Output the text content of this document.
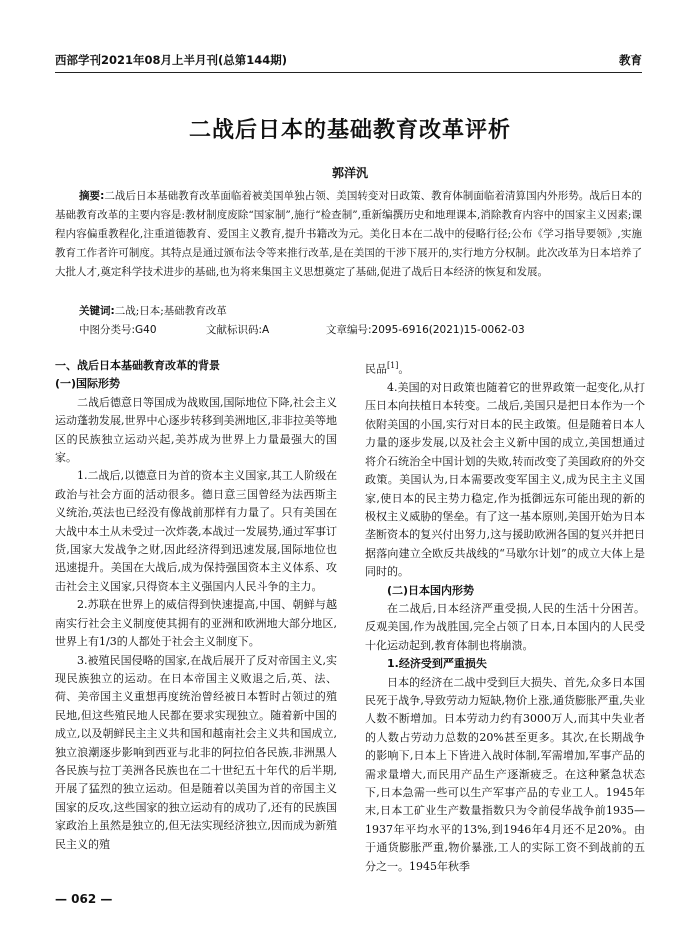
西部学刊2021年08月上半月刊(总第144期)	教育
二战后日本的基础教育改革评析
郭洋汎
摘要:二战后日本基础教育改革面临着被美国单独占领、美国转变对日政策、教育体制面临着清算国内外形势。战后日本的基础教育改革的主要内容是:教材制度废除“国家制”,施行“检查制”,重新编撰历史和地理课本,消除教育内容中的国家主义因素;课程内容偏重教程化,注重道德教育、爱国主义教育,提升书籍改为元。美化日本在二战中的侵略行径;公布《学习指导要领》,实施教育工作者许可制度。其特点是通过颁布法令等来推行改革,是在美国的干涉下展开的,实行地方分权制。此次改革为日本培养了大批人才,奠定科学技术进步的基础,也为将来集国主义思想奠定了基础,促进了战后日本经济的恢复和发展。
关键词:二战;日本;基础教育改革
中图分类号:G40	文献标识码:A	文章编号:2095-6916(2021)15-0062-03
一、战后日本基础教育改革的背景
(一)国际形势

二战后德意日等国成为战败国,国际地位下降,社会主义运动蓬勃发展,世界中心逐步转移到美洲地区,非非拉美等地区的民族独立运动兴起,美苏成为世界上力量最强大的国家。

1.二战后,以德意日为首的资本主义国家,其工人阶级在政治与社会方面的活动很多。德日意三国曾经为法西斯主义统治,英法也已经没有像战前那样有力量了。只有美国在大战中本土从未受过一次炸袭,本战过一发展势,通过军事订货,国家大发战争之财,因此经济得到迅速发展,国际地位也迅速提升。美国在大战后,成为保持强国资本主义体系、攻击社会主义国家,只得资本主义强国内人民斗争的主力。

2.苏联在世界上的威信得到快速提高,中国、朝鲜与越南实行社会主义制度使其拥有的亚洲和欧洲地大部分地区,世界上有1/3的人都处于社会主义制度下。

3.被殖民国侵略的国家,在战后展开了反对帝国主义,实现民族独立的运动。在日本帝国主义败退之后,英、法、荷、美帝国主义重想再度统治曾经被日本暂时占领过的殖民地,但这些殖民地人民都在要求实现独立。随着新中国的成立,以及朝鲜民主主义共和国和越南社会主义共和国成立,独立浪潮逐步影响到西亚与北非的阿拉伯各民族,非洲黑人各民族与拉丁美洲各民族也在二十世纪五十年代的后半期,开展了猛烈的独立运动。但是随着以美国为首的帝国主义国家的反攻,这些国家的独立运动有的成功了,还有的民族国家政治上虽然是独立的,但无法实现经济独立,因而成为新殖民主义的殖

民品[1]。

4.美国的对日政策也随着它的世界政策一起变化,从打压日本向扶植日本转变。二战后,美国只是把日本作为一个依附美国的小国,实行对日本的民主政策。但是随着日本人力量的逐步发展,以及社会主义新中国的成立,美国想通过将介石统治全中国计划的失败,转而改变了美国政府的外交政策。美国认为,日本需要改变军国主义,成为民主主义国家,使日本的民主势力稳定,作为抵御远东可能出现的新的极权主义威胁的堡垒。有了这一基本原则,美国开始为日本垄断资本的复兴付出努力,这与援助欧洲各国的复兴并把日据落向建立全欧反共战线的“马歇尔计划”的成立大体上是同时的。

(二)日本国内形势

在二战后,日本经济严重受损,人民的生活十分困苦。反观美国,作为战胜国,完全占领了日本,日本国内的人民受十化运动起到,教育体制也将崩溃。

1.经济受到严重损失

日本的经济在二战中受到巨大损失、首先,众多日本国民死于战争,导致劳动力短缺,物价上涨,通货膨胀严重,失业人数不断增加。日本劳动力约有3000万人,而其中失业者的人数占劳动力总数的20%甚至更多。其次,在长期战争的影响下,日本上下皆进入战时体制,军需增加,军事产品的需求量增大,而民用产品生产逐渐疲乏。在这种紧急状态下,日本急需一些可以生产军事产品的专业工人。1945年末,日本工矿业生产数量指数只为令前侵华战争前1935—1937年平均水平的13%,到1946年4月还不足20%。由于通货膨胀严重,物价暴涨,工人的实际工资不到战前的五分之一。1945年秋季

— 062 —
